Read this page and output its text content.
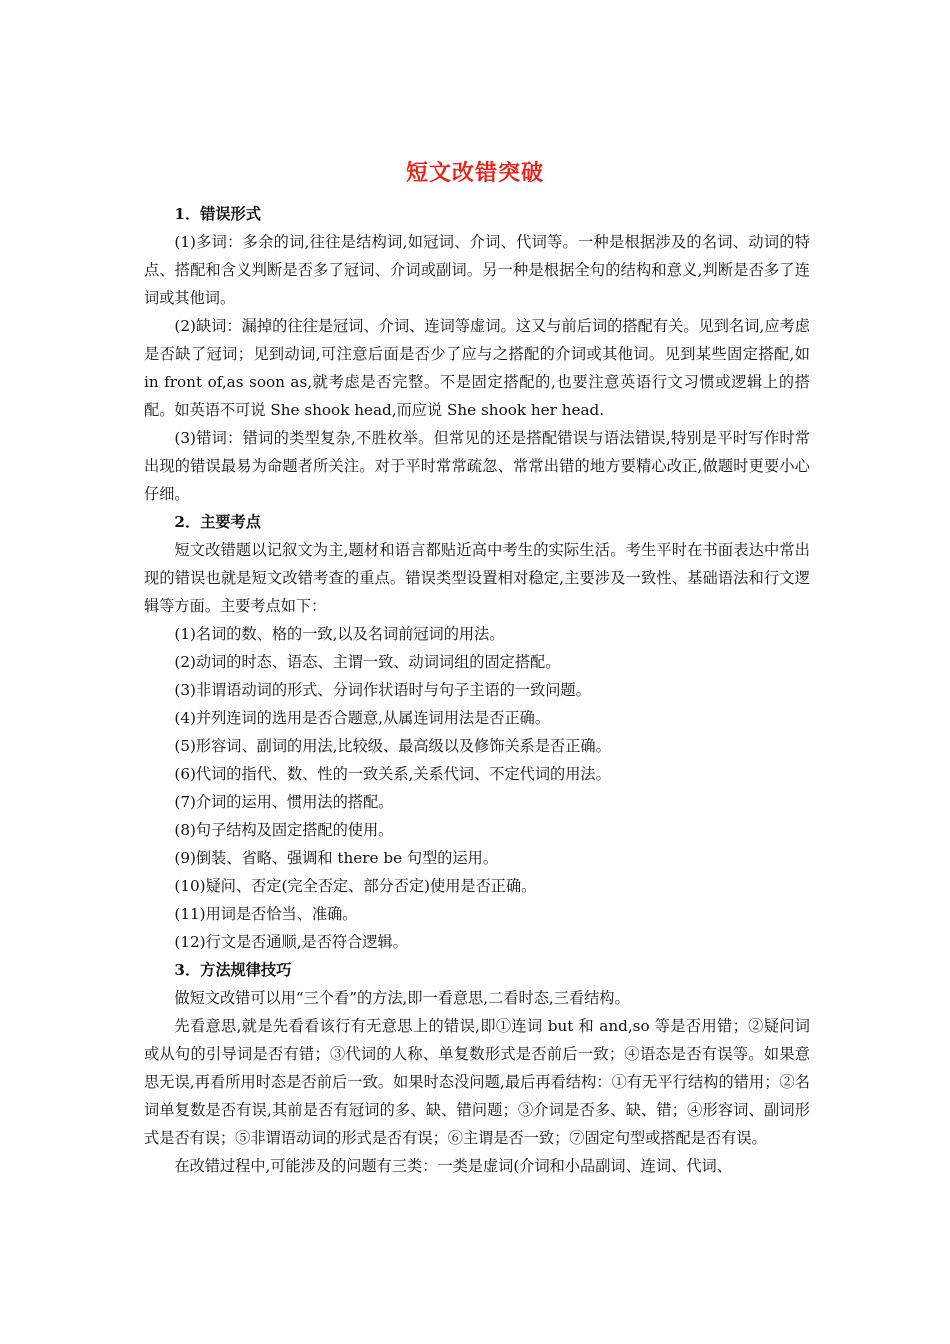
短文改错突破

1．错误形式

(1)多词：多余的词,往往是结构词,如冠词、介词、代词等。一种是根据涉及的名词、动词的特点、搭配和含义判断是否多了冠词、介词或副词。另一种是根据全句的结构和意义,判断是否多了连词或其他词。

(2)缺词：漏掉的往往是冠词、介词、连词等虚词。这又与前后词的搭配有关。见到名词,应考虑是否缺了冠词；见到动词,可注意后面是否少了应与之搭配的介词或其他词。见到某些固定搭配,如 in front of,as soon as,就考虑是否完整。不是固定搭配的,也要注意英语行文习惯或逻辑上的搭配。如英语不可说 She shook head,而应说 She shook her head.

(3)错词：错词的类型复杂,不胜枚举。但常见的还是搭配错误与语法错误,特别是平时写作时常出现的错误最易为命题者所关注。对于平时常常疏忽、常常出错的地方要精心改正,做题时更要小心仔细。

2．主要考点

短文改错题以记叙文为主,题材和语言都贴近高中考生的实际生活。考生平时在书面表达中常出现的错误也就是短文改错考查的重点。错误类型设置相对稳定,主要涉及一致性、基础语法和行文逻辑等方面。主要考点如下：

(1)名词的数、格的一致,以及名词前冠词的用法。

(2)动词的时态、语态、主谓一致、动词词组的固定搭配。

(3)非谓语动词的形式、分词作状语时与句子主语的一致问题。

(4)并列连词的选用是否合题意,从属连词用法是否正确。

(5)形容词、副词的用法,比较级、最高级以及修饰关系是否正确。

(6)代词的指代、数、性的一致关系,关系代词、不定代词的用法。

(7)介词的运用、惯用法的搭配。

(8)句子结构及固定搭配的使用。

(9)倒装、省略、强调和 there be 句型的运用。

(10)疑问、否定(完全否定、部分否定)使用是否正确。

(11)用词是否恰当、准确。

(12)行文是否通顺,是否符合逻辑。

3．方法规律技巧

做短文改错可以用“三个看”的方法,即一看意思,二看时态,三看结构。

先看意思,就是先看看该行有无意思上的错误,即①连词 but 和 and,so 等是否用错；②疑问词或从句的引导词是否有错；③代词的人称、单复数形式是否前后一致；④语态是否有误等。如果意思无误,再看所用时态是否前后一致。如果时态没问题,最后再看结构：①有无平行结构的错用；②名词单复数是否有误,其前是否有冠词的多、缺、错问题；③介词是否多、缺、错；④形容词、副词形式是否有误；⑤非谓语动词的形式是否有误；⑥主谓是否一致；⑦固定句型或搭配是否有误。

在改错过程中,可能涉及的问题有三类：一类是虚词(介词和小品副词、连词、代词、
